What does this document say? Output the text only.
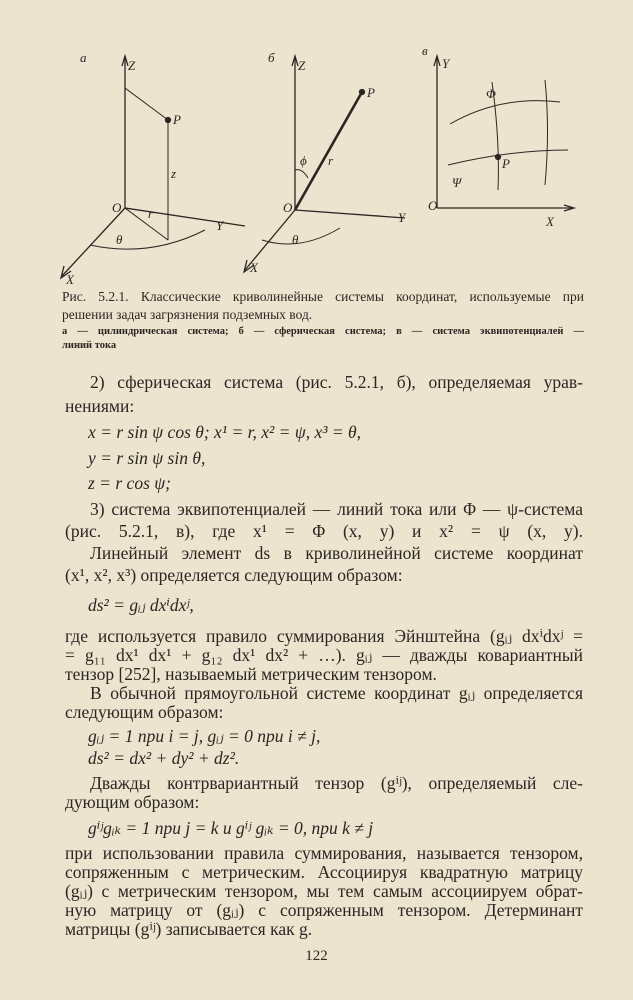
а
Z
Y
X
O
P
z
r
θ
б
Z
Y
X
O
P
r
ϕ
θ
в
Y
X
O
P
Φ
Ψ
Рис. 5.2.1. Классические криволинейные системы координат, используемые при
решении задач загрязнения подземных вод.
а — цилиндрическая система; б — сферическая система; в — система эквипотенциалей —
линий тока
2) сферическая система (рис. 5.2.1, б), определяемая урав-
нениями:
x = r sin ψ cos θ; x¹ = r, x² = ψ, x³ = θ,
y = r sin ψ sin θ,
z = r cos ψ;
3) система эквипотенциалей — линий тока или Φ — ψ-система
(рис. 5.2.1, в), где x¹ = Φ (x, y) и x² = ψ (x, y).
Линейный элемент ds в криволинейной системе координат
(x¹, x², x³) определяется следующим образом:
ds² = gᵢⱼ dxⁱdxʲ,
где используется правило суммирования Эйнштейна (gᵢⱼ dxⁱdxʲ =
= g₁₁ dx¹ dx¹ + g₁₂ dx¹ dx² + …). gᵢⱼ — дважды ковариантный
тензор [252], называемый метрическим тензором.
В обычной прямоугольной системе координат gᵢⱼ определяется
следующим образом:
gᵢⱼ = 1 при i = j, gᵢⱼ = 0 при i ≠ j,
ds² = dx² + dy² + dz².
Дважды контрвариантный тензор (gⁱʲ), определяемый сле-
дующим образом:
gⁱʲgᵢₖ = 1 при j = k и gⁱʲ gᵢₖ = 0, при k ≠ j
при использовании правила суммирования, называется тензором,
сопряженным с метрическим. Ассоциируя квадратную матрицу
(gᵢⱼ) с метрическим тензором, мы тем самым ассоциируем обрат-
ную матрицу от (gᵢⱼ) с сопряженным тензором. Детерминант
матрицы (gⁱʲ) записывается как g.
122
